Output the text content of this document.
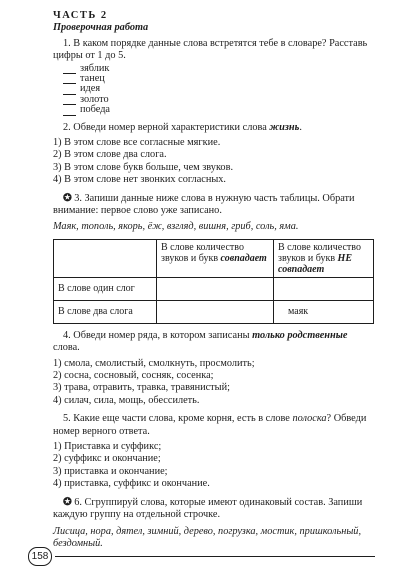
ЧАСТЬ 2

Проверочная работа

1. В каком порядке данные слова встретятся тебе в словаре? Расставь цифры от 1 до 5.

зяблик
танец
идея
золото
победа

2. Обведи номер верной характеристики слова жизнь.

1) В этом слове все согласные мягкие.

2) В этом слове два слога.

3) В этом слове букв больше, чем звуков.

4) В этом слове нет звонких согласных.

✪ 3. Запиши данные ниже слова в нужную часть таблицы. Обрати внимание: первое слово уже записано.

Маяк, тополь, якорь, ёж, взгляд, вишня, гриб, соль, яма.

	В слове количество звуков и букв совпадает	В слове количество звуков и букв НЕ совпадает
В слове один слог		
В слове два слога		маяк

4. Обведи номер ряда, в котором записаны только родственные слова.

1) смола, смолистый, смолкнуть, просмолить;

2) сосна, сосновый, сосняк, сосенка;

3) трава, отравить, травка, травянистый;

4) силач, сила, мощь, обессилеть.

5. Какие еще части слова, кроме корня, есть в слове полоска? Обведи номер верного ответа.

1) Приставка и суффикс;

2) суффикс и окончание;

3) приставка и окончание;

4) приставка, суффикс и окончание.

✪ 6. Сгруппируй слова, которые имеют одинаковый состав. Запиши каждую группу на отдельной строчке.

Лисица, нора, дятел, зимний, дерево, погрузка, мостик, пришкольный, бездомный.

158
